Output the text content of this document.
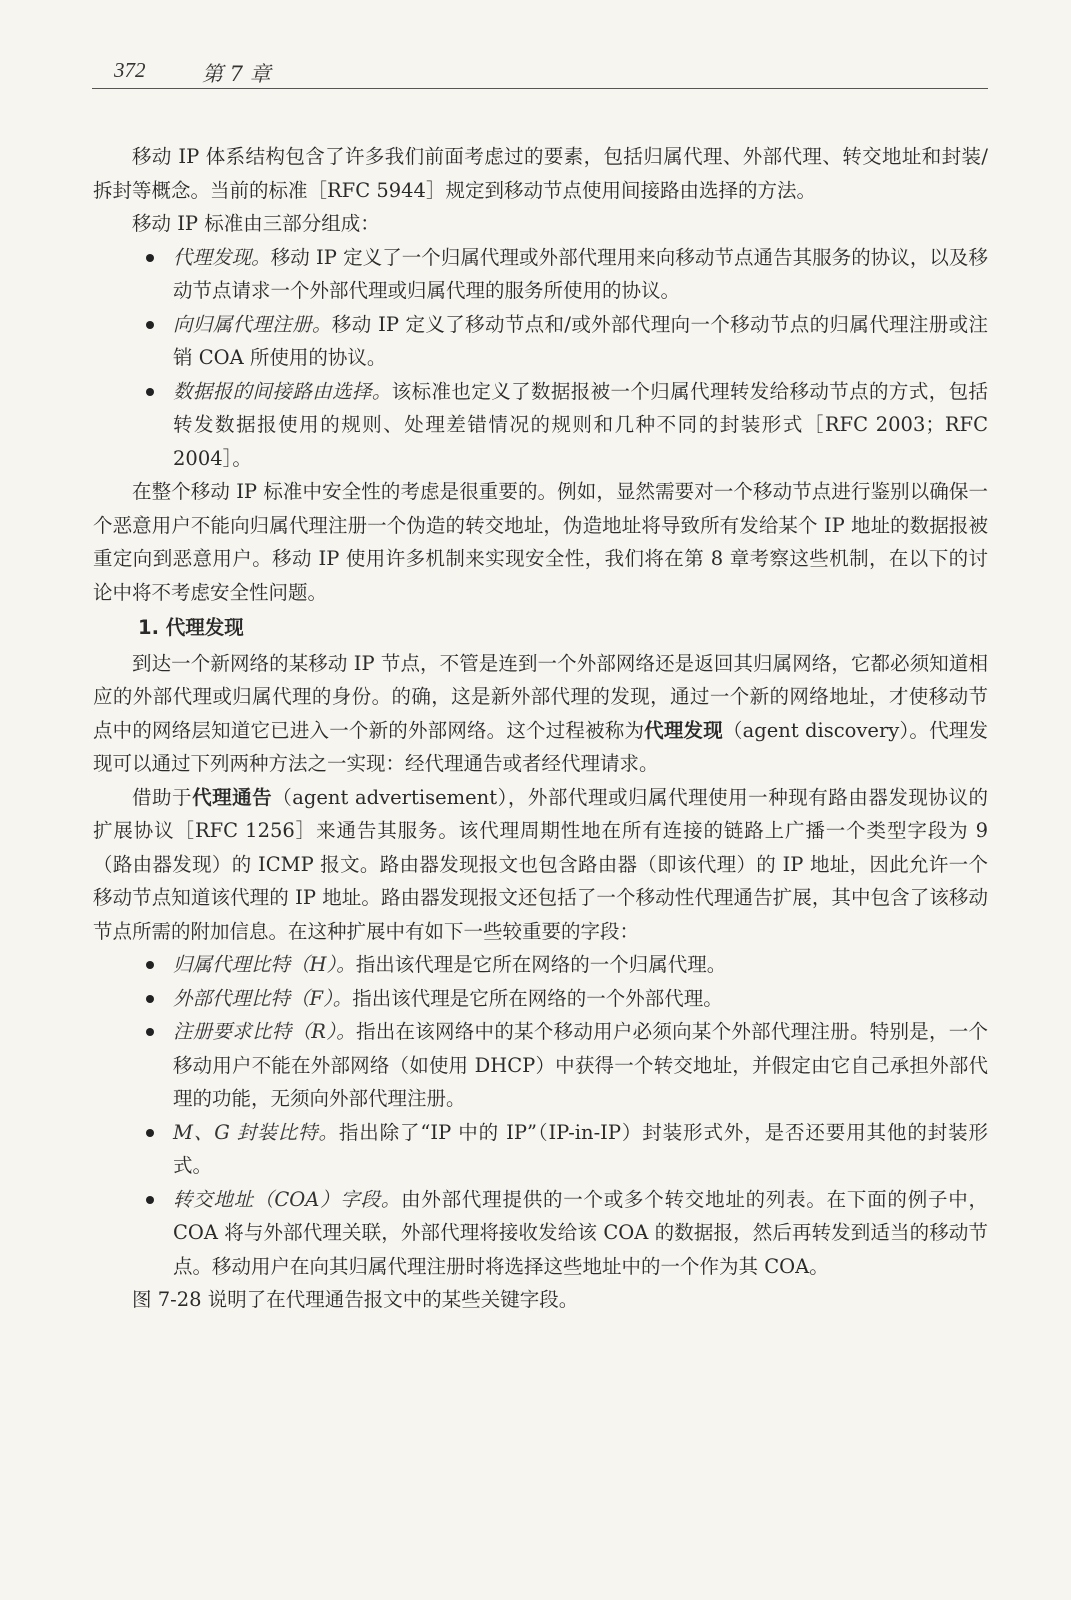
372	第 7 章

移动 IP 体系结构包含了许多我们前面考虑过的要素，包括归属代理、外部代理、转交地址和封装/拆封等概念。当前的标准［RFC 5944］规定到移动节点使用间接路由选择的方法。

移动 IP 标准由三部分组成：

代理发现。移动 IP 定义了一个归属代理或外部代理用来向移动节点通告其服务的协议，以及移动节点请求一个外部代理或归属代理的服务所使用的协议。
向归属代理注册。移动 IP 定义了移动节点和/或外部代理向一个移动节点的归属代理注册或注销 COA 所使用的协议。
数据报的间接路由选择。该标准也定义了数据报被一个归属代理转发给移动节点的方式，包括转发数据报使用的规则、处理差错情况的规则和几种不同的封装形式［RFC 2003；RFC 2004］。

在整个移动 IP 标准中安全性的考虑是很重要的。例如，显然需要对一个移动节点进行鉴别以确保一个恶意用户不能向归属代理注册一个伪造的转交地址，伪造地址将导致所有发给某个 IP 地址的数据报被重定向到恶意用户。移动 IP 使用许多机制来实现安全性，我们将在第 8 章考察这些机制，在以下的讨论中将不考虑安全性问题。

1. 代理发现

到达一个新网络的某移动 IP 节点，不管是连到一个外部网络还是返回其归属网络，它都必须知道相应的外部代理或归属代理的身份。的确，这是新外部代理的发现，通过一个新的网络地址，才使移动节点中的网络层知道它已进入一个新的外部网络。这个过程被称为代理发现（agent discovery）。代理发现可以通过下列两种方法之一实现：经代理通告或者经代理请求。

借助于代理通告（agent advertisement），外部代理或归属代理使用一种现有路由器发现协议的扩展协议［RFC 1256］来通告其服务。该代理周期性地在所有连接的链路上广播一个类型字段为 9（路由器发现）的 ICMP 报文。路由器发现报文也包含路由器（即该代理）的 IP 地址，因此允许一个移动节点知道该代理的 IP 地址。路由器发现报文还包括了一个移动性代理通告扩展，其中包含了该移动节点所需的附加信息。在这种扩展中有如下一些较重要的字段：

归属代理比特（H）。指出该代理是它所在网络的一个归属代理。
外部代理比特（F）。指出该代理是它所在网络的一个外部代理。
注册要求比特（R）。指出在该网络中的某个移动用户必须向某个外部代理注册。特别是，一个移动用户不能在外部网络（如使用 DHCP）中获得一个转交地址，并假定由它自己承担外部代理的功能，无须向外部代理注册。
M、G 封装比特。指出除了“IP 中的 IP”（IP-in-IP）封装形式外，是否还要用其他的封装形式。
转交地址（COA）字段。由外部代理提供的一个或多个转交地址的列表。在下面的例子中，COA 将与外部代理关联，外部代理将接收发给该 COA 的数据报，然后再转发到适当的移动节点。移动用户在向其归属代理注册时将选择这些地址中的一个作为其 COA。

图 7-28 说明了在代理通告报文中的某些关键字段。
